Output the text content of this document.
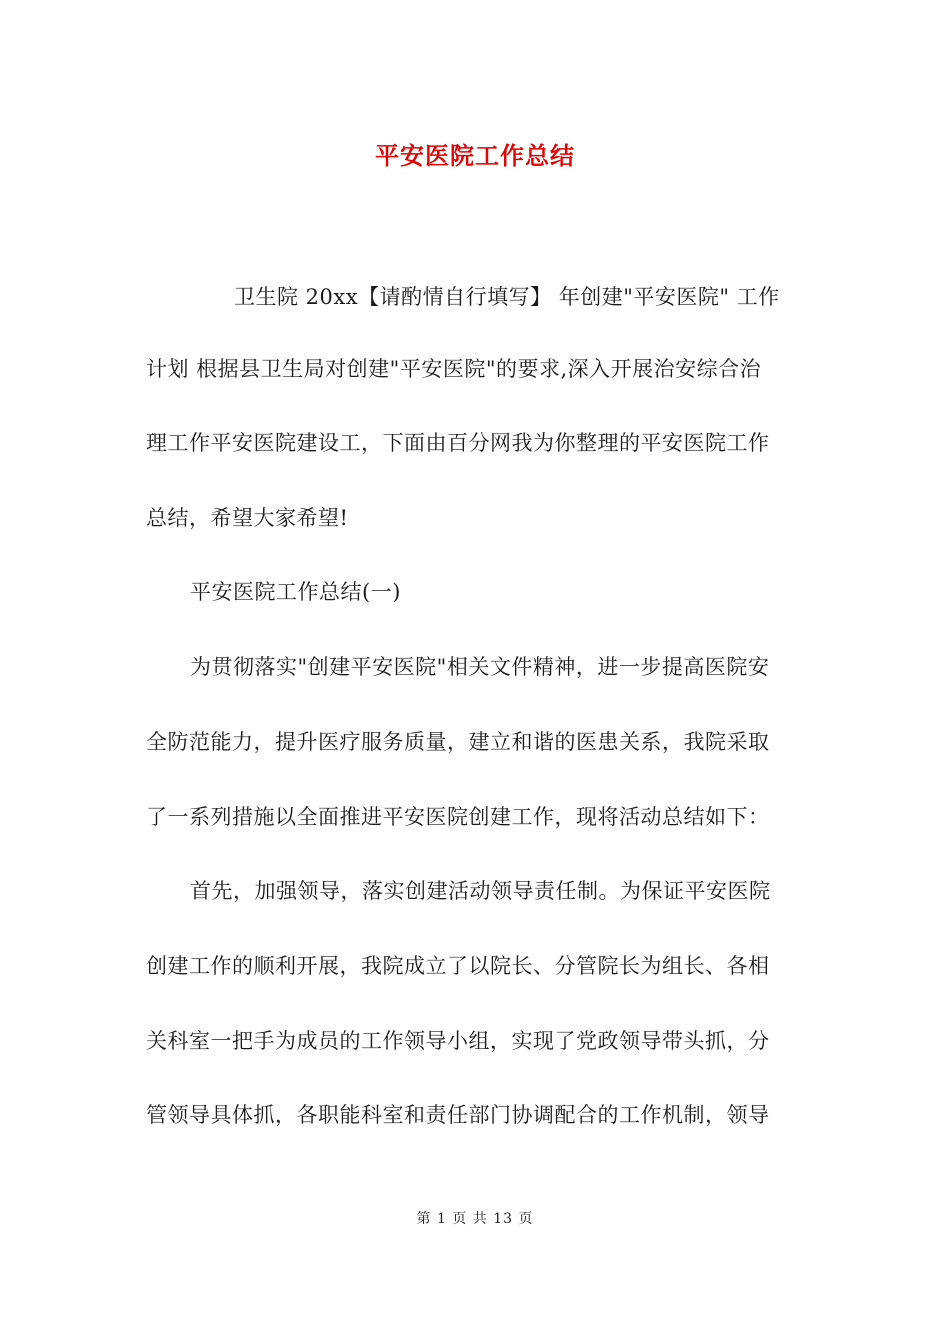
平安医院工作总结
卫生院 20xx【请酌情自行填写】 年创建"平安医院" 工作
计划 根据县卫生局对创建"平安医院"的要求,深入开展治安综合治
理工作平安医院建设工，下面由百分网我为你整理的平安医院工作
总结，希望大家希望!
平安医院工作总结(一)
为贯彻落实"创建平安医院"相关文件精神，进一步提高医院安
全防范能力，提升医疗服务质量，建立和谐的医患关系，我院采取
了一系列措施以全面推进平安医院创建工作，现将活动总结如下：
首先，加强领导，落实创建活动领导责任制。为保证平安医院
创建工作的顺利开展，我院成立了以院长、分管院长为组长、各相
关科室一把手为成员的工作领导小组，实现了党政领导带头抓，分
管领导具体抓，各职能科室和责任部门协调配合的工作机制，领导
第 1 页 共 13 页
